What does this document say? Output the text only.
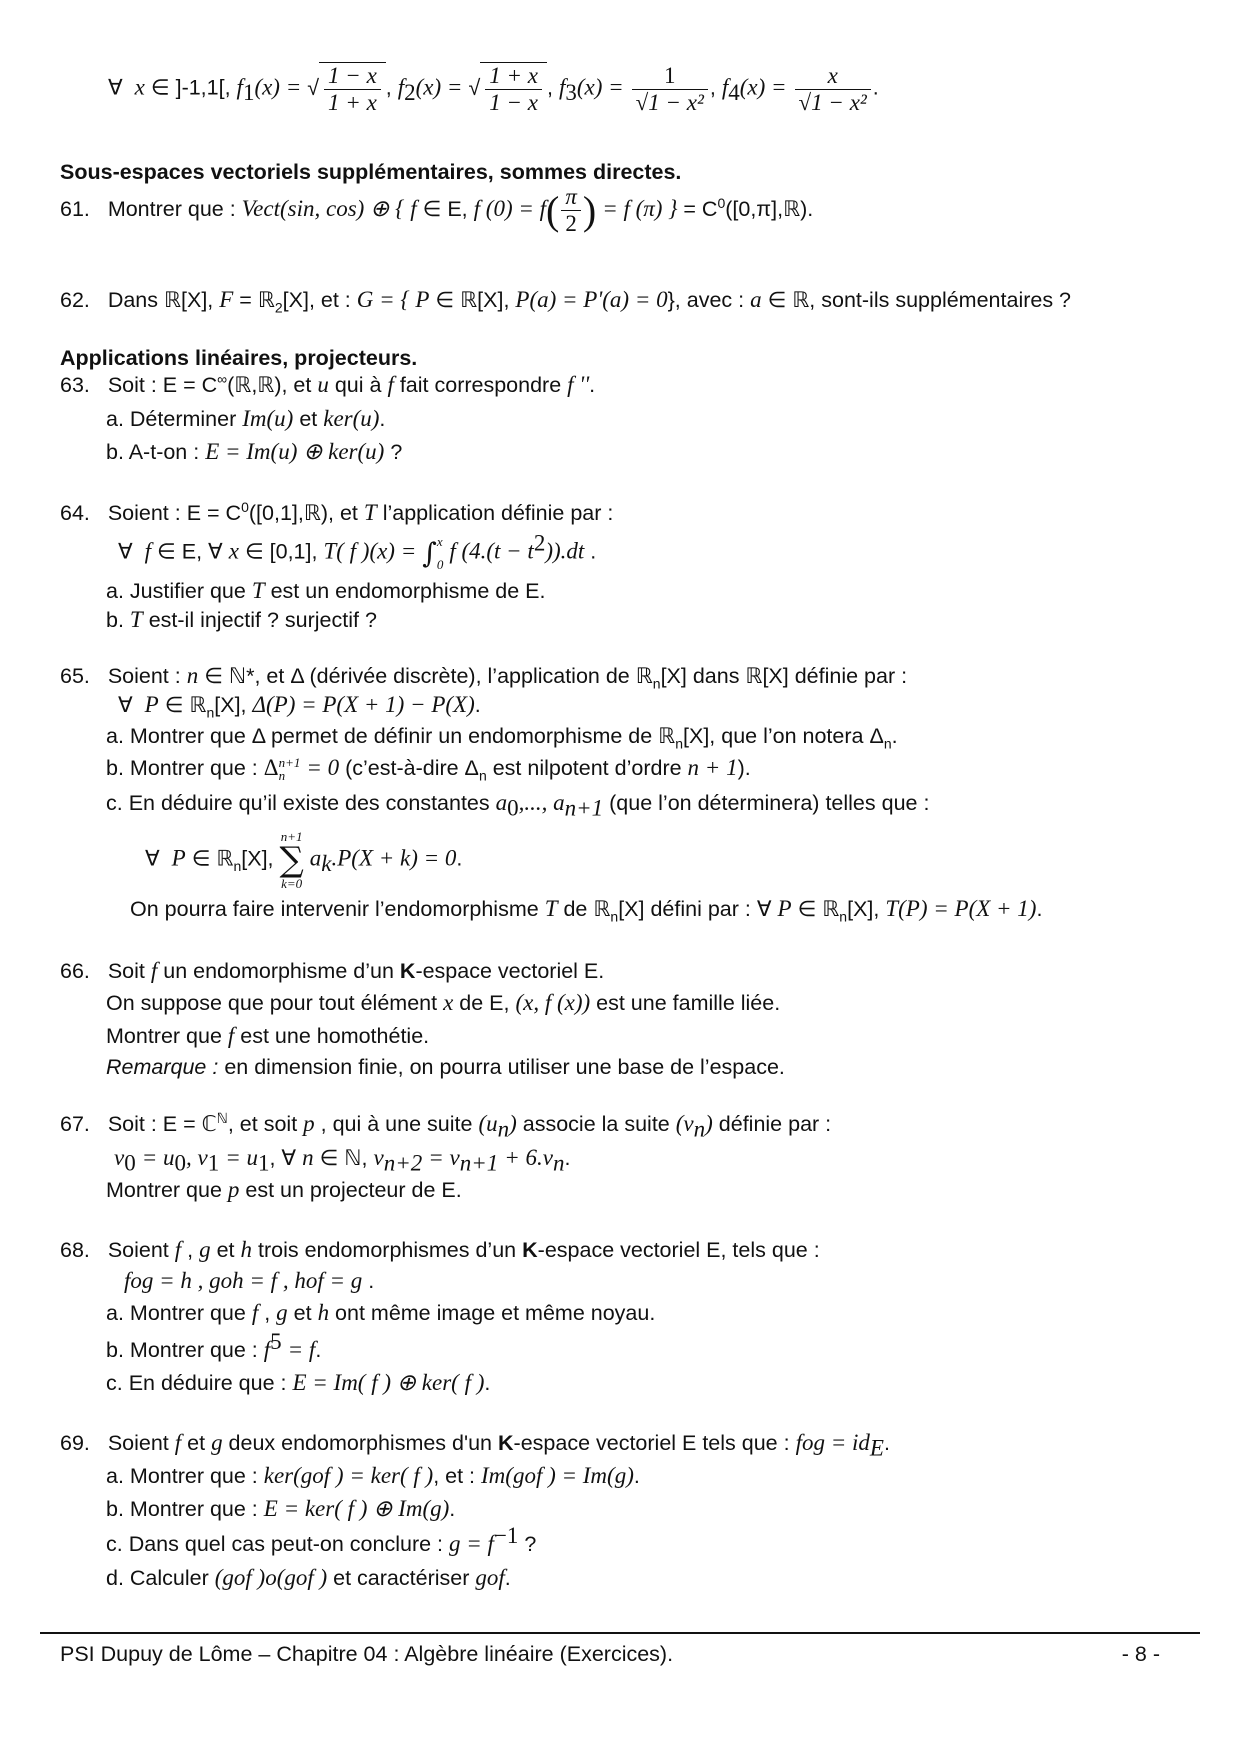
∀ x ∈ ]-1,1[, $f_1(x)$ = √ $\frac{1 - x}{1 + x}$ , $f_2(x)$ = √ $\frac{1 + x}{1 - x}$ , $f_3(x) = \frac{1}{\text{√1 − x²}}$ , $f_4(x) = \frac{x}{\text{√1 − x²}}$ .
Sous-espaces vectoriels supplémentaires, sommes directes.
61. Montrer que : Vect(sin, cos) ⊕ { f ∈ E, f $(0) = f( \frac{\pi}{2}$ ) = f (π) } = $C^0([0,\pi],ℝ)$.
62. Dans ℝ[X], F = ℝ$_2$[X], et : G = { P ∈ ℝ[X], P(a) = P'(a) = 0}, avec : a ∈ ℝ, sont-ils supplémentaires ?
Applications linéaires, projecteurs.
63. Soit : E = C∞(ℝ,ℝ), et u qui à f fait correspondre f ''.
a. Déterminer Im(u) et ker(u).
b. A-t-on : E = Im(u) ⊕ ker(u) ?
64. Soient : $E = C^0([0,1],ℝ)$, et T l’application définie par :
∀ f ∈ E, ∀ x ∈ [0,1], T( f )(x) = ∫ x
0
f $(4.(t - t^2)).dt$ .
a. Justifier que T est un endomorphisme de E.
b. T est-il injectif ? surjectif ?
65. Soient : n ∈ ℕ*, et Δ (dérivée discrète), l’application de ℝ$_n$[X] dans ℝ[X] définie par :
∀ P ∈ ℝ$_n$[X], Δ(P) = P(X + 1) − P(X).
a. Montrer que Δ permet de définir un endomorphisme de ℝ$_n$[X], que l’on notera $\Delta_n$.
b. Montrer que : Δ n+1
n = 0 (c’est-à-dire $\Delta_n$ est nilpotent d’ordre n + 1).
c. En déduire qu’il existe des constantes $a_0$,..., $a_{n+1}$ (que l’on déterminera) telles que :
∀ P ∈ ℝ$_n$[X],
n+1
∑
k=0
$a_k.P(X + k) = 0$.
On pourra faire intervenir l’endomorphisme T de ℝ$_n$[X] défini par : ∀ P ∈ ℝ$_n$[X], T(P) = P(X + 1).
66. Soit f un endomorphisme d’un K-espace vectoriel E.
On suppose que pour tout élément x de E, (x, f (x)) est une famille liée.
Montrer que f est une homothétie.
Remarque : en dimension finie, on pourra utiliser une base de l’espace.
67. Soit : E = ℂ$^ℕ$, et soit p , qui à une suite $(u_n)$ associe la suite $(v_n)$ définie par :
$v_0 = u_0$, $v_1 = u_1$, ∀ n ∈ ℕ, $v_{n+2} = v_{n+1} + 6.v_n$.
Montrer que p est un projecteur de E.
68. Soient f , g et h trois endomorphismes d’un K-espace vectoriel E, tels que :
fog = h , goh = f , hof = g .
a. Montrer que f , g et h ont même image et même noyau.
b. Montrer que : $f^5 = f$.
c. En déduire que : E = Im( f ) ⊕ ker( f ).
69. Soient f et g deux endomorphismes d'un K-espace vectoriel E tels que : fog = $id_E$.
a. Montrer que : ker(gof ) = ker( f ), et : Im(gof ) = Im(g).
b. Montrer que : E = ker( f ) ⊕ Im(g).
c. Dans quel cas peut-on conclure : $g = f^{-1}$ ?
d. Calculer (gof )o(gof ) et caractériser gof.
PSI Dupuy de Lôme – Chapitre 04 : Algèbre linéaire (Exercices).	- 8 -
